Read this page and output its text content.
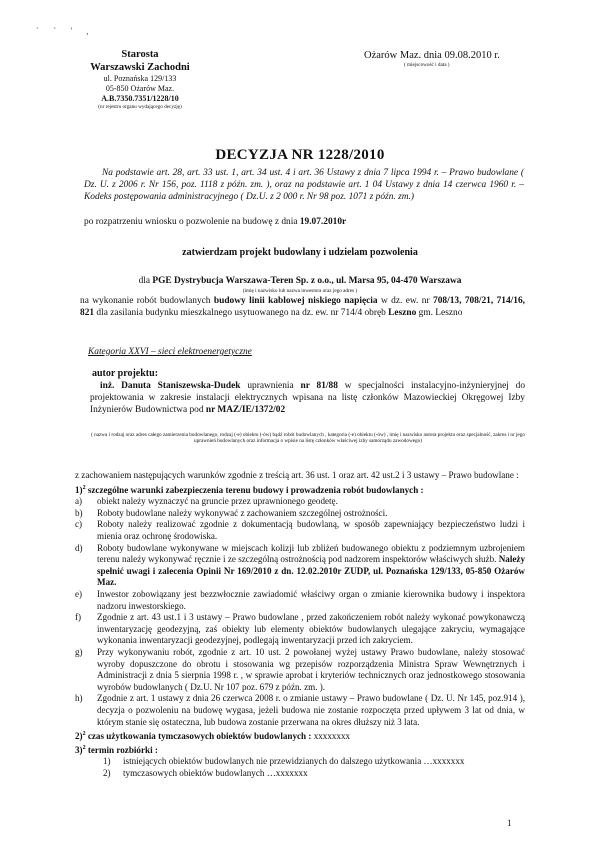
` ` ' ,
Starosta
Warszawski Zachodni
ul. Poznańska 129/133
05-850 Ożarów Maz.
A.B.7350.7351/1228/10
(nr rejestru organu wydającego decyzję)
Ożarów Maz. dnia 09.08.2010 r.
( miejscowość i data )
DECYZJA NR 1228/2010
Na podstawie art. 28, art. 33 ust. 1, art. 34 ust. 4 i art. 36 Ustawy z dnia 7 lipca 1994 r. – Prawo budowlane ( Dz. U. z 2006 r. Nr 156, poz. 1118 z późn. zm. ), oraz na podstawie art. 1 04 Ustawy z dnia 14 czerwca 1960 r. – Kodeks postępowania administracyjnego ( Dz.U. z 2 000 r. Nr 98 poz. 1071 z późn. zm.)
po rozpatrzeniu wniosku o pozwolenie na budowę z dnia 19.07.2010r
zatwierdzam projekt budowlany i udzielam pozwolenia
dla PGE Dystrybucja Warszawa-Teren Sp. z o.o., ul. Marsa 95, 04-470 Warszawa
(imię i nazwisko lub nazwa inwestora oraz jego adres )
na wykonanie robót budowlanych budowy linii kablowej niskiego napięcia w dz. ew. nr 708/13, 708/21, 714/16, 821 dla zasilania budynku mieszkalnego usytuowanego na dz. ew. nr 714/4 obręb Leszno gm. Leszno
Kategoria XXVI – sieci elektroenergetyczne
autor projektu:
inż. Danuta Staniszewska-Dudek uprawnienia nr 81/88 w specjalności instalacyjno-inżynieryjnej do projektowania w zakresie instalacji elektrycznych wpisana na listę członków Mazowieckiej Okręgowej Izby Inżynierów Budownictwa pod nr MAZ/IE/1372/02
( nazwa i rodzaj oraz adres całego zamierzenia budowlanego, rodzaj (-e) obiektu (-ów) bądź robót budowlanych , kategoria (-e) obiektu (-ów) , imię i nazwisko autora projektu oraz specjalność, zakres i nr jego uprawnień budowlanych oraz informacja o wpisie na listę członków właściwej izby samorządu zawodowego)
z zachowaniem następujących warunków zgodnie z treścią art. 36 ust. 1 oraz art. 42 ust.2 i 3 ustawy – Prawo budowlane :
1)$^2$ szczególne warunki zabezpieczenia terenu budowy i prowadzenia robót budowlanych :
a)	obiekt należy wyznaczyć na gruncie przez uprawnionego geodetę.
b)	Roboty budowlane należy wykonywać z zachowaniem szczególnej ostrożności.
c)	Roboty należy realizować zgodnie z dokumentacją budowlaną, w sposób zapewniający bezpieczeństwo ludzi i mienia oraz ochronę środowiska.
d)	Roboty budowlane wykonywane w miejscach kolizji lub zbliżeń budowanego obiektu z podziemnym uzbrojeniem terenu należy wykonywać ręcznie i ze szczególną ostrożnością pod nadzorem inspektorów właściwych służb. Należy spełnić uwagi i zalecenia Opinii Nr 169/2010 z dn. 12.02.2010r ZUDP, ul. Poznańska 129/133, 05-850 Ożarów Maz.
e)	Inwestor zobowiązany jest bezzwłocznie zawiadomić właściwy organ o zmianie kierownika budowy i inspektora nadzoru inwestorskiego.
f)	Zgodnie z art. 43 ust.1 i 3 ustawy – Prawo budowlane , przed zakończeniem robót należy wykonać powykonawczą inwentaryzację geodezyjną, zaś obiekty lub elementy obiektów budowlanych ulegające zakryciu, wymagające wykonania inwentaryzacji geodezyjnej, podlegają inwentaryzacji przed ich zakryciem.
g)	Przy wykonywaniu robót, zgodnie z art. 10 ust. 2 powołanej wyżej ustawy Prawo budowlane, należy stosować wyroby dopuszczone do obrotu i stosowania wg przepisów rozporządzenia Ministra Spraw Wewnętrznych i Administracji z dnia 5 sierpnia 1998 r. , w sprawie aprobat i kryteriów technicznych oraz jednostkowego stosowania wyrobów budowlanych ( Dz.U. Nr 107 poz. 679 z późn. zm. ).
h)	Zgodnie z art. 1 ustawy z dnia 26 czerwca 2008 r. o zmianie ustawy – Prawo budowlane ( Dz. U. Nr 145, poz.914 ), decyzja o pozwoleniu na budowę wygasa, jeżeli budowa nie zostanie rozpoczęta przed upływem 3 lat od dnia, w którym stanie się ostateczna, lub budowa zostanie przerwana na okres dłuższy niż 3 lata.
2)$^2$ czas użytkowania tymczasowych obiektów budowlanych : xxxxxxxx
3)$^2$ termin rozbiórki :
1)	istniejących obiektów budowlanych nie przewidzianych do dalszego użytkowania …xxxxxxx
2)	tymczasowych obiektów budowlanych …xxxxxxx
1
